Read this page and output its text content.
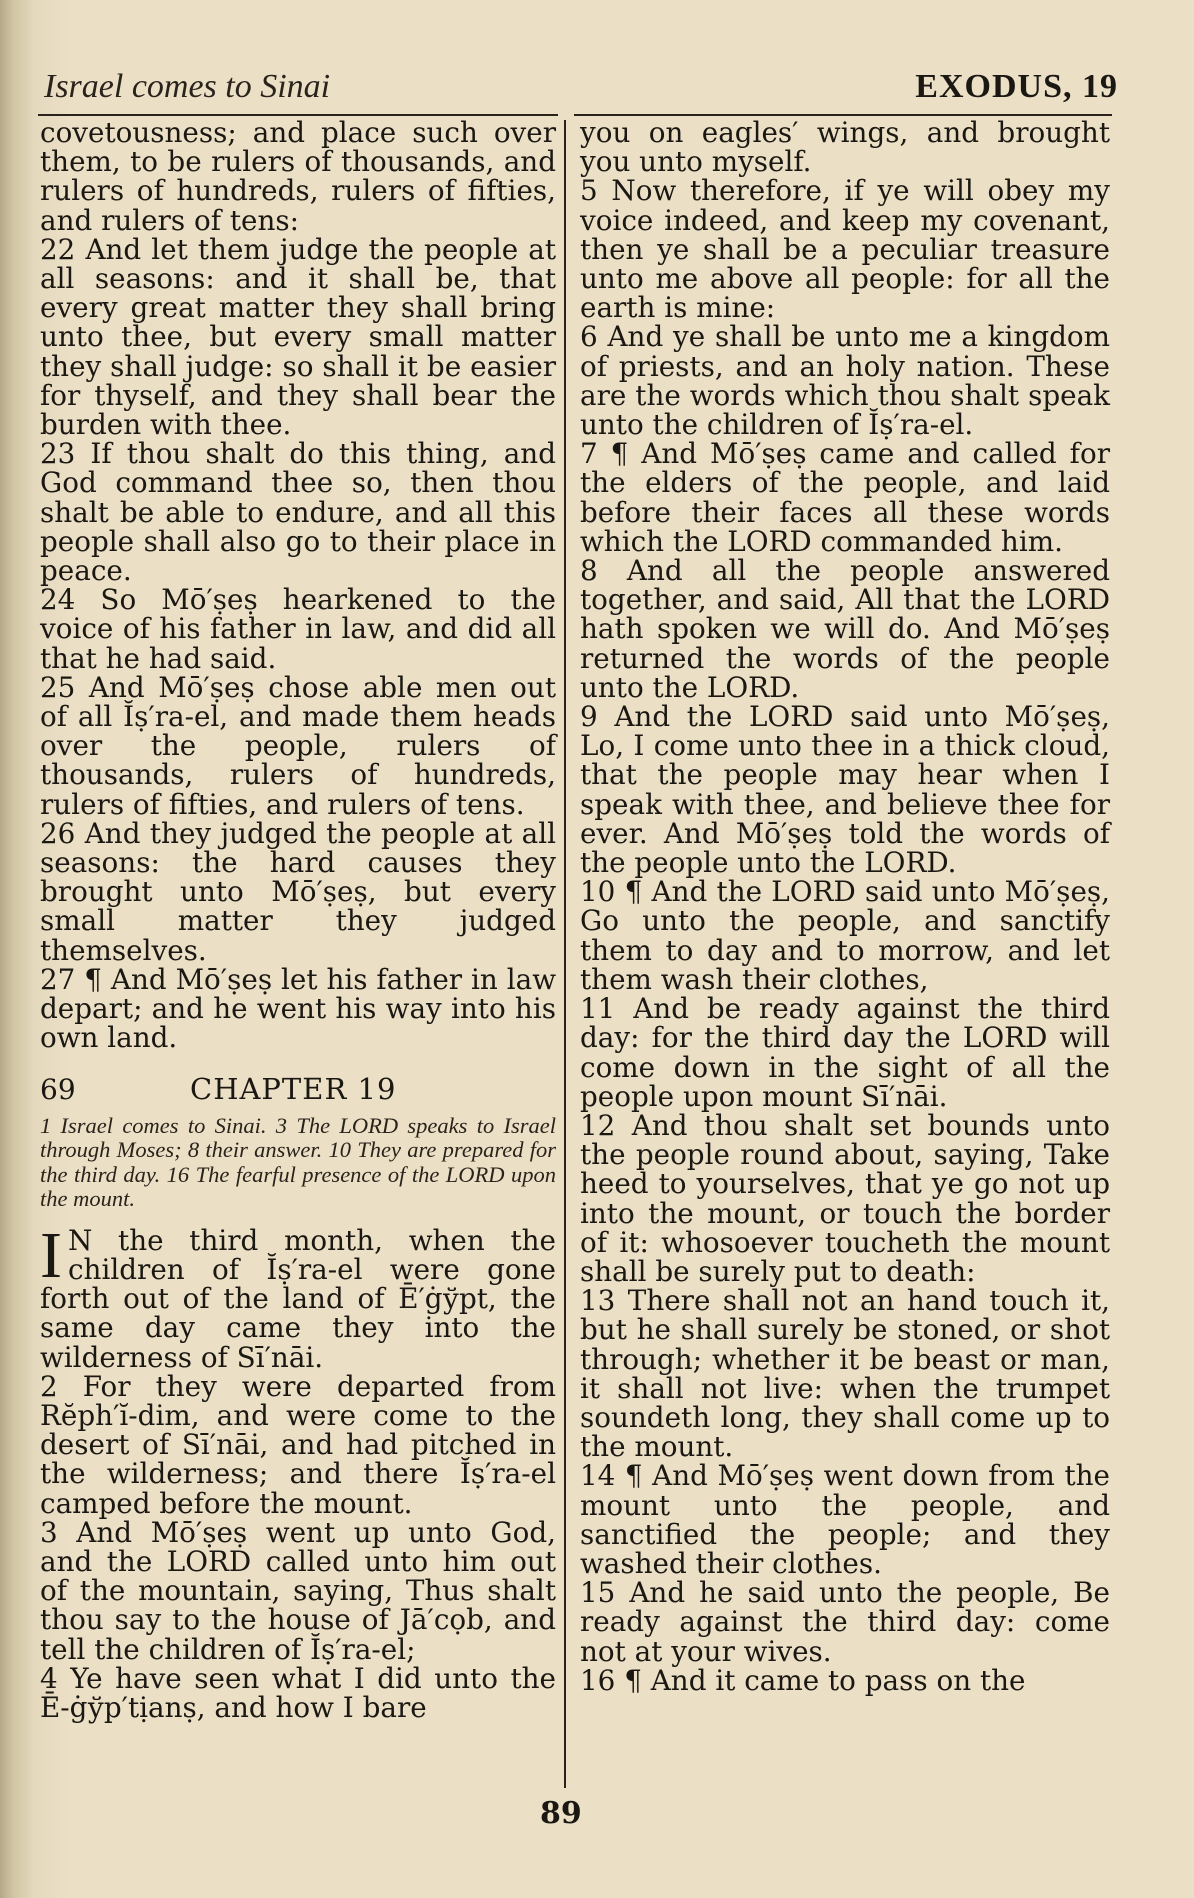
Israel comes to Sinai	EXODUS, 19

covetousness; and place such over them, to be rulers of thousands, and rulers of hundreds, rulers of fifties, and rulers of tens:

22 And let them judge the people at all seasons: and it shall be, that every great matter they shall bring unto thee, but every small matter they shall judge: so shall it be easier for thyself, and they shall bear the burden with thee.

23 If thou shalt do this thing, and God command thee so, then thou shalt be able to endure, and all this people shall also go to their place in peace.

24 So Mō′ṣeṣ hearkened to the voice of his father in law, and did all that he had said.

25 And Mō′ṣeṣ chose able men out of all Ĭṣ′ra-el, and made them heads over the people, rulers of thousands, rulers of hundreds, rulers of fifties, and rulers of tens.

26 And they judged the people at all seasons: the hard causes they brought unto Mō′ṣeṣ, but every small matter they judged themselves.

27 ¶ And Mō′ṣeṣ let his father in law depart; and he went his way into his own land.

69	CHAPTER 19

1 Israel comes to Sinai. 3 The LORD speaks to Israel through Moses; 8 their answer. 10 They are prepared for the third day. 16 The fearful presence of the LORD upon the mount.

I N the third month, when the children of Ĭṣ′ra-el were gone forth out of the land of Ē′ġўpt, the same day came they into the wilderness of Sī′nāi.

2 For they were departed from Rĕph′ĭ-dim, and were come to the desert of Sī′nāi, and had pitched in the wilderness; and there Ĭṣ′ra-el camped before the mount.

3 And Mō′ṣeṣ went up unto God, and the LORD called unto him out of the mountain, saying, Thus shalt thou say to the house of Jā′cọb, and tell the children of Ĭṣ′ra-el;

4 Ye have seen what I did unto the Ē-ġўp′tịanṣ, and how I bare

you on eagles′ wings, and brought you unto myself.

5 Now therefore, if ye will obey my voice indeed, and keep my covenant, then ye shall be a peculiar treasure unto me above all people: for all the earth is mine:

6 And ye shall be unto me a kingdom of priests, and an holy nation. These are the words which thou shalt speak unto the children of Ĭṣ′ra-el.

7 ¶ And Mō′ṣeṣ came and called for the elders of the people, and laid before their faces all these words which the LORD commanded him.

8 And all the people answered together, and said, All that the LORD hath spoken we will do. And Mō′ṣeṣ returned the words of the people unto the LORD.

9 And the LORD said unto Mō′ṣeṣ, Lo, I come unto thee in a thick cloud, that the people may hear when I speak with thee, and believe thee for ever. And Mō′ṣeṣ told the words of the people unto the LORD.

10 ¶ And the LORD said unto Mō′ṣeṣ, Go unto the people, and sanctify them to day and to morrow, and let them wash their clothes,

11 And be ready against the third day: for the third day the LORD will come down in the sight of all the people upon mount Sī′nāi.

12 And thou shalt set bounds unto the people round about, saying, Take heed to yourselves, that ye go not up into the mount, or touch the border of it: whosoever toucheth the mount shall be surely put to death:

13 There shall not an hand touch it, but he shall surely be stoned, or shot through; whether it be beast or man, it shall not live: when the trumpet soundeth long, they shall come up to the mount.

14 ¶ And Mō′ṣeṣ went down from the mount unto the people, and sanctified the people; and they washed their clothes.

15 And he said unto the people, Be ready against the third day: come not at your wives.

16 ¶ And it came to pass on the

89
